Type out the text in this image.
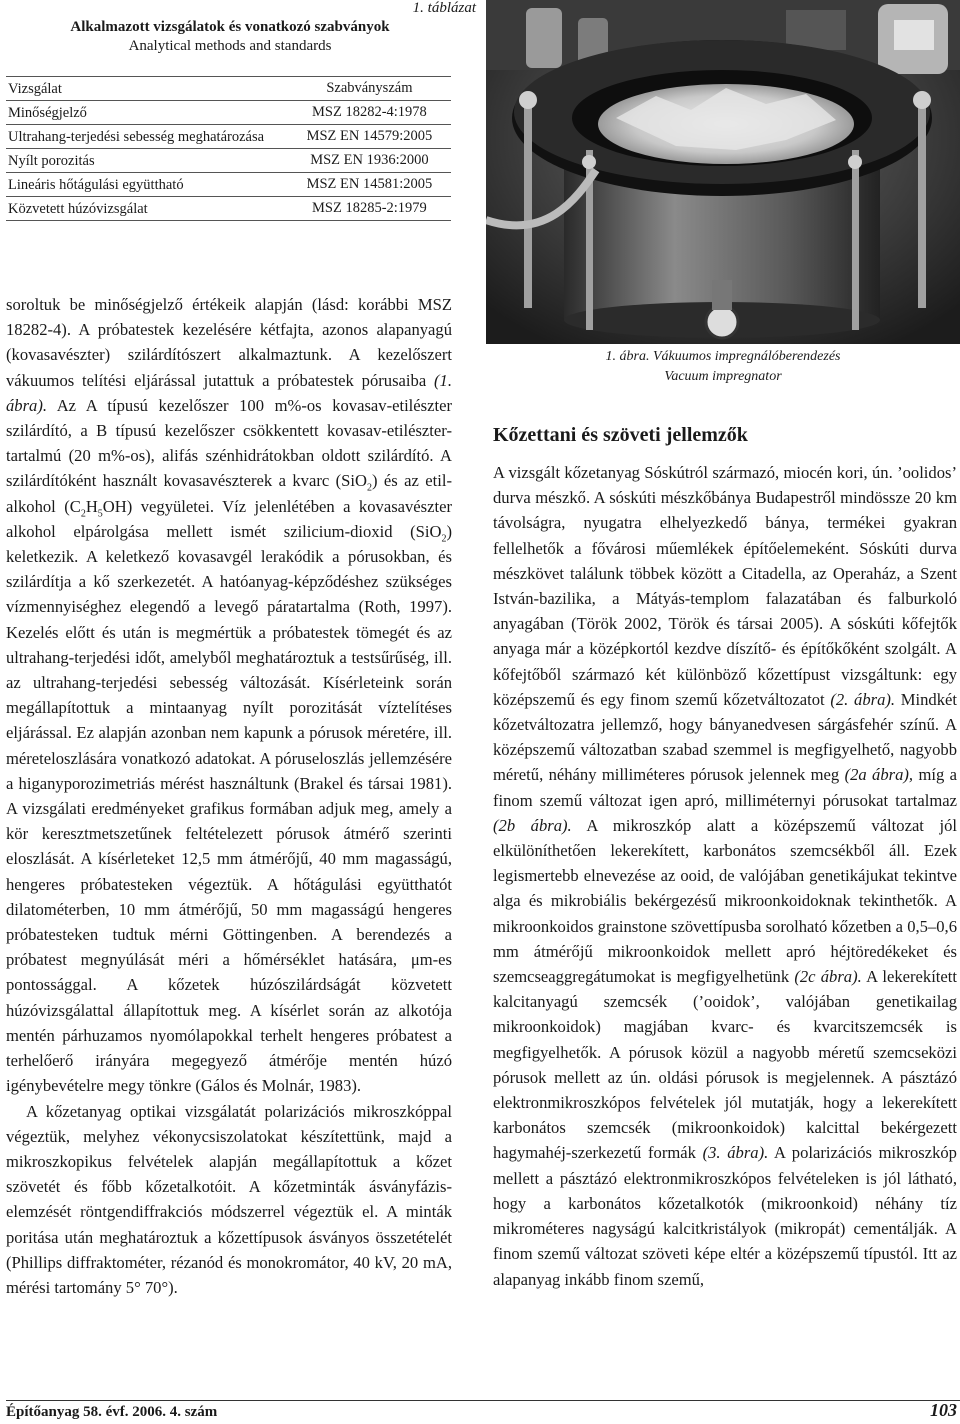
1. táblázat
Alkalmazott vizsgálatok és vonatkozó szabványok
Analytical methods and standards
Vizsgálat	Szabványszám
Minőségjelző	MSZ 18282-4:1978
Ultrahang-terjedési sebesség meghatározása	MSZ EN 14579:2005
Nyílt porozitás	MSZ EN 1936:2000
Lineáris hőtágulási együttható	MSZ EN 14581:2005
Közvetett húzóvizsgálat	MSZ 18285-2:1979

soroltuk be minőségjelző értékeik alapján (lásd: korábbi MSZ 18282-4). A próbatestek kezelésére kétfajta, azonos alapanyagú (kovasavészter) szilárdítószert alkalmaztunk. A kezelőszert vákuumos telítési eljárással jutattuk a próbatestek pórusaiba (1. ábra). Az A típusú kezelőszer 100 m%-os kovasav-etilészter szilárdító, a B típusú kezelőszer csökkentett kovasav-etilészter-tartalmú (20 m%-os), alifás szénhidrátokban oldott szilárdító. A szilárdítóként használt kovasavészterek a kvarc (SiO$_2$) és az etil-alkohol $(C_2H_5OH)$ vegyületei. Víz jelenlétében a kovasavészter alkohol elpárolgása mellett ismét szilicium-dioxid (SiO$_2$) keletkezik. A keletkező kovasavgél lerakódik a pórusokban, és szilárdítja a kő szerkezetét. A hatóanyag-képződéshez szükséges vízmennyiséghez elegendő a levegő páratartalma (Roth, 1997). Kezelés előtt és után is megmértük a próbatestek tömegét és az ultrahang-terjedési időt, amelyből meghatároztuk a testsűrűség, ill. az ultrahang-terjedési sebesség változását. Kísérleteink során megállapítottuk a mintaanyag nyílt porozitását víztelítéses eljárással. Ez alapján azonban nem kapunk a pórusok méretére, ill. méreteloszlására vonatkozó adatokat. A póruseloszlás jellemzésére a higanyporozimetriás mérést használtunk (Brakel és társai 1981). A vizsgálati eredményeket grafikus formában adjuk meg, amely a kör keresztmetszetűnek feltételezett pórusok átmérő szerinti eloszlását. A kísérleteket 12,5 mm átmérőjű, 40 mm magasságú, hengeres próbatesteken végeztük. A hőtágulási együtthatót dilatométerben, 10 mm átmérőjű, 50 mm magasságú hengeres próbatesteken tudtuk mérni Göttingenben. A berendezés a próbatest megnyúlását méri a hőmérséklet hatására, μm-es pontossággal. A kőzetek húzószilárdságát közvetett húzóvizsgálattal állapítottuk meg. A kísérlet során az alkotója mentén párhuzamos nyomólapokkal terhelt hengeres próbatest a terhelőerő irányára megegyező átmérője mentén húzó igénybevételre megy tönkre (Gálos és Molnár, 1983).

A kőzetanyag optikai vizsgálatát polarizációs mikroszkóppal végeztük, melyhez vékonycsiszolatokat készítettünk, majd a mikroszkopikus felvételek alapján megállapítottuk a kőzet szövetét és főbb kőzetalkotóit. A kőzetminták ásványfázis-elemzését röntgendiffrakciós módszerrel végeztük el. A minták poritása után meghatároztuk a kőzettípusok ásványos összetételét (Phillips diffraktométer, rézanód és monokromátor, 40 kV, 20 mA, mérési tartomány 5° 70°).

1. ábra. Vákuumos impregnálóberendezés
Vacuum impregnator
Kőzettani és szöveti jellemzők

A vizsgált kőzetanyag Sóskútról származó, miocén kori, ún. ’oolidos’ durva mészkő. A sóskúti mészkőbánya Budapestről mindössze 20 km távolságra, nyugatra elhelyezkedő bánya, termékei gyakran fellelhetők a fővárosi műemlékek építőelemeként. Sóskúti durva mészkövet találunk többek között a Citadella, az Operaház, a Szent István-bazilika, a Mátyás-templom falazatában és falburkoló anyagában (Török 2002, Török és társai 2005). A sóskúti kőfejtők anyaga már a középkortól kezdve díszítő- és építőkőként szolgált. A kőfejtőből származó két különböző kőzettípust vizsgáltunk: egy középszemű és egy finom szemű kőzetváltozatot (2. ábra). Mindkét kőzetváltozatra jellemző, hogy bányanedvesen sárgásfehér színű. A középszemű változatban szabad szemmel is megfigyelhető, nagyobb méretű, néhány milliméteres pórusok jelennek meg (2a ábra), míg a finom szemű változat igen apró, milliméternyi pórusokat tartalmaz (2b ábra). A mikroszkóp alatt a középszemű változat jól elkülöníthetően lekerekített, karbonátos szemcsékből áll. Ezek legismertebb elnevezése az ooid, de valójában genetikájukat tekintve alga és mikrobiális bekérgezésű mikroonkoidoknak tekinthetők. A mikroonkoidos grainstone szövettípusba sorolható kőzetben a 0,5–0,6 mm átmérőjű mikroonkoidok mellett apró héjtöredékeket és szemcseaggregátumokat is megfigyelhetünk (2c ábra). A lekerekített kalcitanyagú szemcsék (’ooidok’, valójában genetikailag mikroonkoidok) magjában kvarc- és kvarcitszemcsék is megfigyelhetők. A pórusok közül a nagyobb méretű szemcseközi pórusok mellett az ún. oldási pórusok is megjelennek. A pásztázó elektronmikroszkópos felvételek jól mutatják, hogy a lekerekített karbonátos szemcsék (mikroonkoidok) kalcittal bekérgezett hagymahéj-szerkezetű formák (3. ábra). A polarizációs mikroszkóp mellett a pásztázó elektronmikroszkópos felvételeken is jól látható, hogy a karbonátos kőzetalkotók (mikroonkoid) néhány tíz mikrométeres nagyságú kalcitkristályok (mikropát) cementálják. A finom szemű változat szöveti képe eltér a középszemű típustól. Itt az alapanyag inkább finom szemű,

Építőanyag 58. évf. 2006. 4. szám	103
